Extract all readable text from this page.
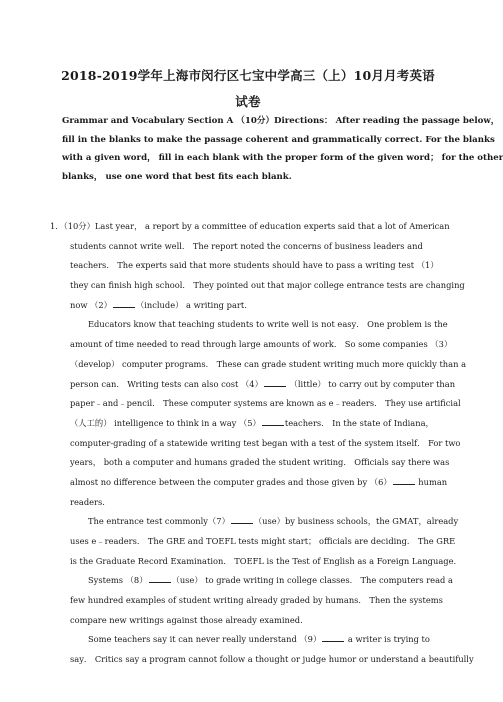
2018-2019学年上海市闵行区七宝中学高三（上）10月月考英语
试卷
Grammar and Vocabulary Section A （10分）Directions： After reading the passage below，
fill in the blanks to make the passage coherent and grammatically correct. For the blanks
with a given word， fill in each blank with the proper form of the given word； for the other
blanks， use one word that best fits each blank.
1．（10分）Last year， a report by a committee of education experts said that a lot of American
students cannot write well． The report noted the concerns of business leaders and
teachers． The experts said that more students should have to pass a writing test （1）
they can finish high school． They pointed out that major college entrance tests are changing
now （2）	（include） a writing part.
Educators know that teaching students to write well is not easy． One problem is the
amount of time needed to read through large amounts of work． So some companies （3）
（develop） computer programs． These can grade student writing much more quickly than a
person can． Writing tests can also cost （4）	（little） to carry out by computer than
paper﹣and﹣pencil． These computer systems are known as e﹣readers． They use artificial
（人工的） intelligence to think in a way （5）	teachers． In the state of Indiana，
computer-grading of a statewide writing test began with a test of the system itself． For two
years， both a computer and humans graded the student writing． Officials say there was
almost no difference between the computer grades and those given by （6）	human
readers.
The entrance test commonly（7）	（use）by business schools，the GMAT，already
uses e﹣readers． The GRE and TOEFL tests might start； officials are deciding． The GRE
is the Graduate Record Examination． TOEFL is the Test of English as a Foreign Language.
Systems （8）	（use） to grade writing in college classes． The computers read a
few hundred examples of student writing already graded by humans． Then the systems
compare new writings against those already examined.
Some teachers say it can never really understand （9）	a writer is trying to
say． Critics say a program cannot follow a thought or judge humor or understand a beautifully
